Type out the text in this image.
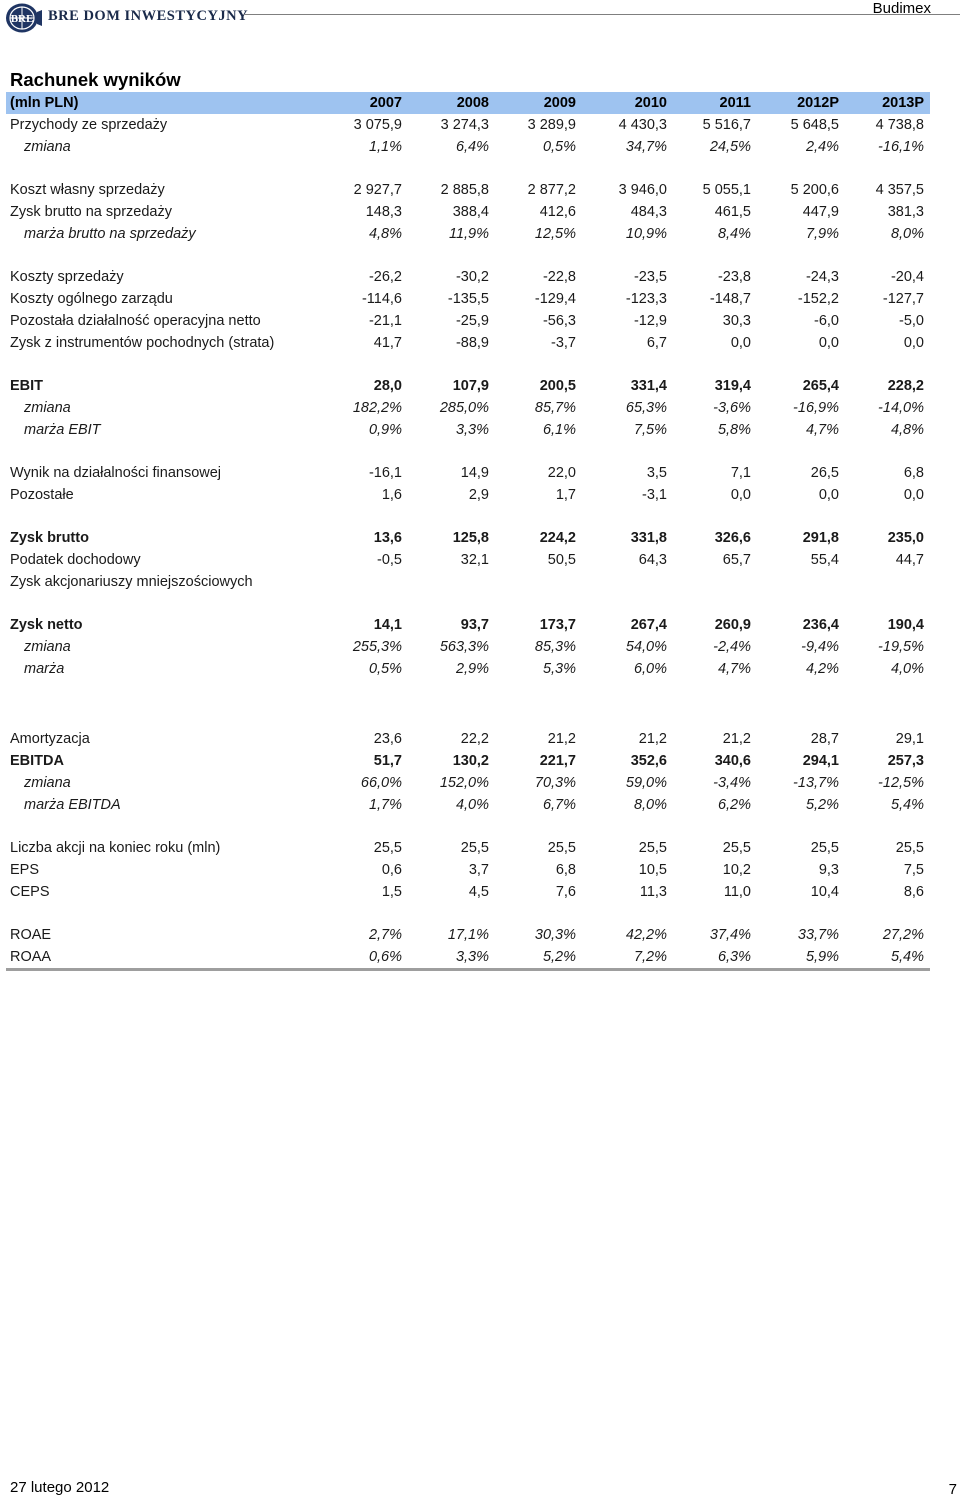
BRE BRE DOM INWESTYCYJNY	Budimex
Rachunek wyników
(mln PLN)	2007	2008	2009	2010	2011	2012P	2013P
Przychody ze sprzedaży	3 075,9	3 274,3	3 289,9	4 430,3	5 516,7	5 648,5	4 738,8
zmiana	1,1%	6,4%	0,5%	34,7%	24,5%	2,4%	-16,1%

Koszt własny sprzedaży	2 927,7	2 885,8	2 877,2	3 946,0	5 055,1	5 200,6	4 357,5
Zysk brutto na sprzedaży	148,3	388,4	412,6	484,3	461,5	447,9	381,3
marża brutto na sprzedaży	4,8%	11,9%	12,5%	10,9%	8,4%	7,9%	8,0%

Koszty sprzedaży	-26,2	-30,2	-22,8	-23,5	-23,8	-24,3	-20,4
Koszty ogólnego zarządu	-114,6	-135,5	-129,4	-123,3	-148,7	-152,2	-127,7
Pozostała działalność operacyjna netto	-21,1	-25,9	-56,3	-12,9	30,3	-6,0	-5,0
Zysk z instrumentów pochodnych (strata)	41,7	-88,9	-3,7	6,7	0,0	0,0	0,0

EBIT	28,0	107,9	200,5	331,4	319,4	265,4	228,2
zmiana	182,2%	285,0%	85,7%	65,3%	-3,6%	-16,9%	-14,0%
marża EBIT	0,9%	3,3%	6,1%	7,5%	5,8%	4,7%	4,8%

Wynik na działalności finansowej	-16,1	14,9	22,0	3,5	7,1	26,5	6,8
Pozostałe	1,6	2,9	1,7	-3,1	0,0	0,0	0,0

Zysk brutto	13,6	125,8	224,2	331,8	326,6	291,8	235,0
Podatek dochodowy	-0,5	32,1	50,5	64,3	65,7	55,4	44,7
Zysk akcjonariuszy mniejszościowych							

Zysk netto	14,1	93,7	173,7	267,4	260,9	236,4	190,4
zmiana	255,3%	563,3%	85,3%	54,0%	-2,4%	-9,4%	-19,5%
marża	0,5%	2,9%	5,3%	6,0%	4,7%	4,2%	4,0%

Amortyzacja	23,6	22,2	21,2	21,2	21,2	28,7	29,1
EBITDA	51,7	130,2	221,7	352,6	340,6	294,1	257,3
zmiana	66,0%	152,0%	70,3%	59,0%	-3,4%	-13,7%	-12,5%
marża EBITDA	1,7%	4,0%	6,7%	8,0%	6,2%	5,2%	5,4%

Liczba akcji na koniec roku (mln)	25,5	25,5	25,5	25,5	25,5	25,5	25,5
EPS	0,6	3,7	6,8	10,5	10,2	9,3	7,5
CEPS	1,5	4,5	7,6	11,3	11,0	10,4	8,6

ROAE	2,7%	17,1%	30,3%	42,2%	37,4%	33,7%	27,2%
ROAA	0,6%	3,3%	5,2%	7,2%	6,3%	5,9%	5,4%
27 lutego 2012	7
